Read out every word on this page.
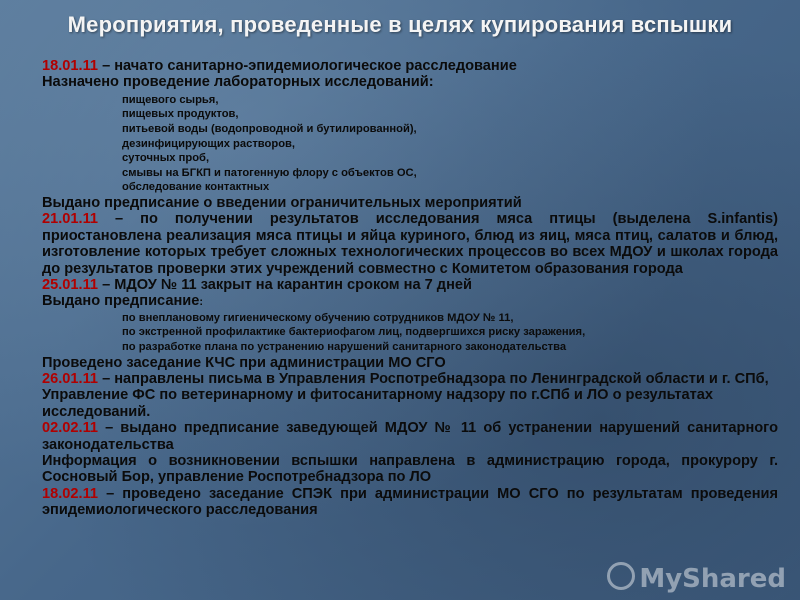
Мероприятия, проведенные в целях купирования вспышки

18.01.11 – начато санитарно-эпидемиологическое расследование

Назначено проведение лабораторных исследований:

пищевого сырья,

пищевых продуктов,

питьевой воды (водопроводной и бутилированной),

дезинфицирующих растворов,

суточных проб,

смывы на БГКП и патогенную флору с объектов ОС,

обследование контактных

Выдано предписание о введении ограничительных мероприятий

21.01.11 – по получении результатов исследования мяса птицы (выделена S.infantis) приостановлена реализация мяса птицы и яйца куриного, блюд из яиц, мяса птиц, салатов и блюд, изготовление которых требует сложных технологических процессов во всех МДОУ и школах города до результатов проверки этих учреждений совместно с Комитетом образования города

25.01.11 – МДОУ № 11 закрыт на карантин сроком на 7 дней

Выдано предписание:

по внеплановому гигиеническому обучению сотрудников МДОУ № 11,

по экстренной профилактике бактериофагом лиц, подвергшихся риску заражения,

по разработке плана по устранению нарушений санитарного законодательства

Проведено заседание КЧС при администрации МО СГО

26.01.11 – направлены письма в Управления Роспотребнадзора по Ленинградской области и г. СПб, Управление ФС по ветеринарному и фитосанитарному надзору по г.СПб и ЛО о результатах исследований.

02.02.11 – выдано предписание заведующей МДОУ № 11 об устранении нарушений санитарного законодательства

Информация о возникновении вспышки направлена в администрацию города, прокурору г. Сосновый Бор, управление Роспотребнадзора по ЛО

18.02.11 – проведено заседание СПЭК при администрации МО СГО по результатам проведения эпидемиологического расследования

MyShared
